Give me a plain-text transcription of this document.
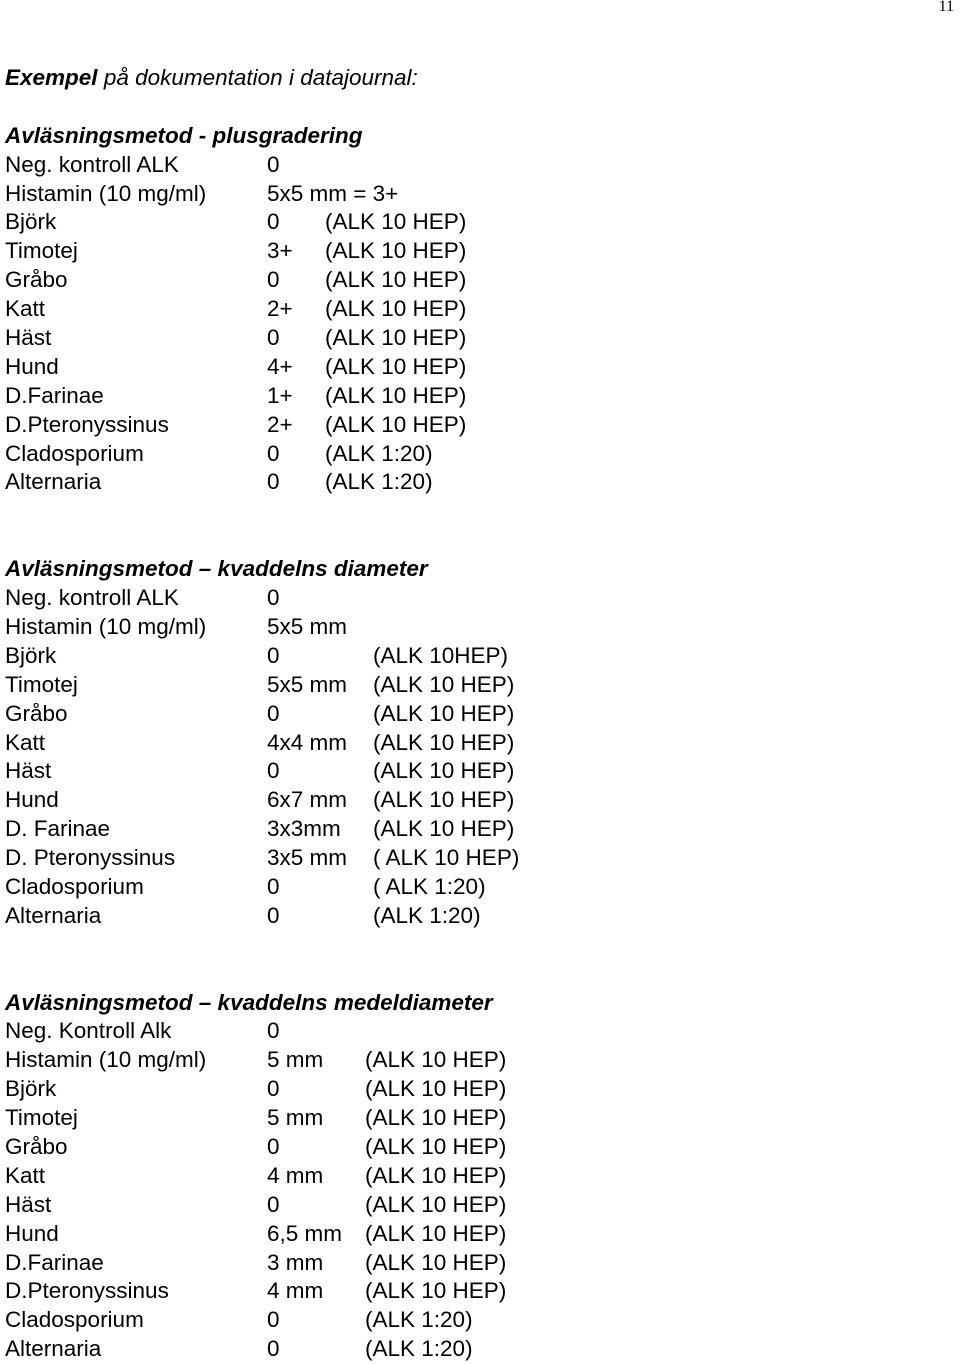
11
Exempel på dokumentation i datajournal:
Avläsningsmetod - plusgradering
Neg. kontroll ALK	0
Histamin (10 mg/ml)	5x5 mm = 3+
Björk	0 (ALK 10 HEP)
Timotej	3+ (ALK 10 HEP)
Gråbo	0 (ALK 10 HEP)
Katt	2+ (ALK 10 HEP)
Häst	0 (ALK 10 HEP)
Hund	4+ (ALK 10 HEP)
D.Farinae	1+ (ALK 10 HEP)
D.Pteronyssinus	2+ (ALK 10 HEP)
Cladosporium	0 (ALK 1:20)
Alternaria	0 (ALK 1:20)
Avläsningsmetod – kvaddelns diameter
Neg. kontroll ALK	0
Histamin (10 mg/ml)	5x5 mm
Björk	0	(ALK 10HEP)
Timotej	5x5 mm (ALK 10 HEP)
Gråbo	0	(ALK 10 HEP)
Katt	4x4 mm (ALK 10 HEP)
Häst	0	(ALK 10 HEP)
Hund	6x7 mm (ALK 10 HEP)
D. Farinae	3x3mm (ALK 10 HEP)
D. Pteronyssinus	3x5 mm ( ALK 10 HEP)
Cladosporium	0	( ALK 1:20)
Alternaria	0	(ALK 1:20)
Avläsningsmetod – kvaddelns medeldiameter
Neg. Kontroll Alk	0
Histamin (10 mg/ml)	5 mm (ALK 10 HEP)
Björk	0	(ALK 10 HEP)
Timotej	5 mm (ALK 10 HEP)
Gråbo	0	(ALK 10 HEP)
Katt	4 mm (ALK 10 HEP)
Häst	0	(ALK 10 HEP)
Hund	6,5 mm (ALK 10 HEP)
D.Farinae	3 mm (ALK 10 HEP)
D.Pteronyssinus	4 mm (ALK 10 HEP)
Cladosporium	0	(ALK 1:20)
Alternaria	0	(ALK 1:20)
